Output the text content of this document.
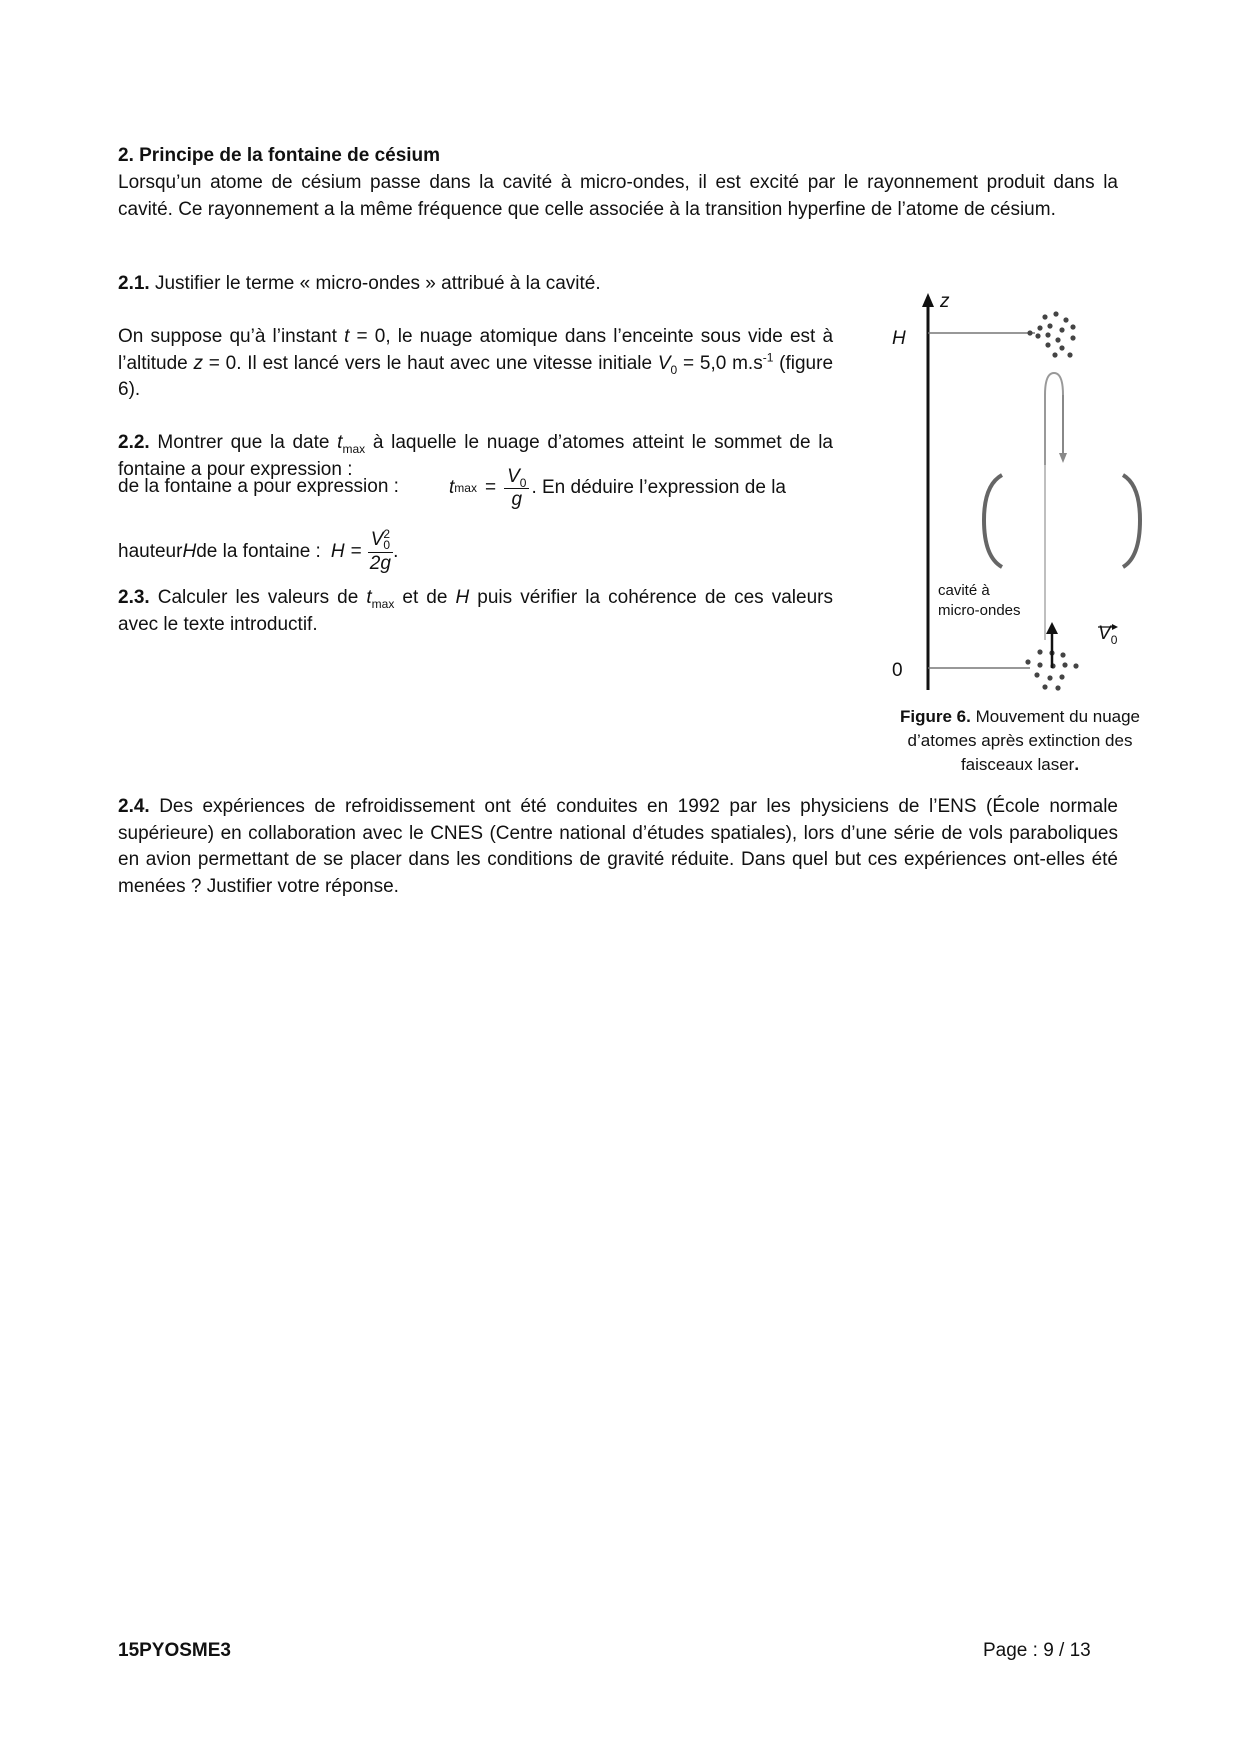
2. Principe de la fontaine de césium
Lorsqu’un atome de césium passe dans la cavité à micro-ondes, il est excité par le rayonnement produit dans la cavité. Ce rayonnement a la même fréquence que celle associée à la transition hyperfine de l’atome de césium.
2.1. Justifier le terme « micro-ondes » attribué à la cavité.
On suppose qu’à l’instant t = 0, le nuage atomique dans l’enceinte sous vide est à l’altitude z = 0. Il est lancé vers le haut avec une vitesse initiale $V_0 = 5,0$ $m.s^{-1}$ (figure 6).
2.2. Montrer que la date $t_{max}$ à laquelle le nuage d’atomes atteint le sommet de la fontaine a pour expression :
t $\max = \frac{V_0}{g}$ . En déduire l’expression de la
de la fontaine a pour expression :
hauteur H de la fontaine : H = V 2
0
2g .
2.3. Calculer les valeurs de $t_{max}$ et de H puis vérifier la cohérence de ces valeurs avec le texte introductif.
z
H
0
cavité à
micro-ondes
$V_0$
Figure 6. Mouvement du nuage
d’atomes après extinction des
faisceaux laser.
2.4. Des expériences de refroidissement ont été conduites en 1992 par les physiciens de l’ENS (École normale supérieure) en collaboration avec le CNES (Centre national d’études spatiales), lors d’une série de vols paraboliques en avion permettant de se placer dans les conditions de gravité réduite. Dans quel but ces expériences ont-elles été menées ? Justifier votre réponse.
15PYOSME3	Page : 9 / 13
